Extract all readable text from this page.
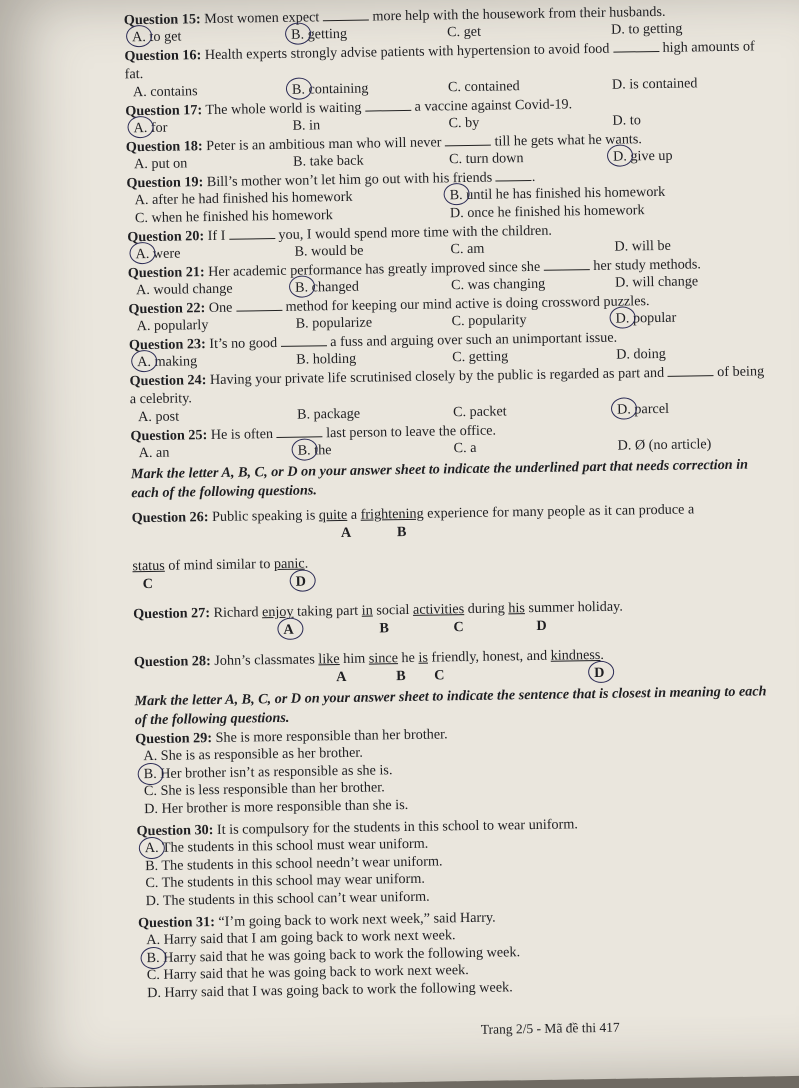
Question 15: Most women expect	more help with the housework from their husbands.
A. to get	B. getting	C. get	D. to getting
Question 16: Health experts strongly advise patients with hypertension to avoid food	high amounts of fat.
A. contains	B. containing	C. contained	D. is contained
Question 17: The whole world is waiting	a vaccine against Covid-19.
A. for	B. in	C. by	D. to
Question 18: Peter is an ambitious man who will never	till he gets what he wants.
A. put on	B. take back	C. turn down	D. give up
Question 19: Bill’s mother won’t let him go out with his friends	.
A. after he had finished his homework	B. until he has finished his homework
C. when he finished his homework	D. once he finished his homework
Question 20: If I	you, I would spend more time with the children.
A. were	B. would be	C. am	D. will be
Question 21: Her academic performance has greatly improved since she	her study methods.
A. would change	B. changed	C. was changing	D. will change
Question 22: One	method for keeping our mind active is doing crossword puzzles.
A. popularly	B. popularize	C. popularity	D. popular
Question 23: It’s no good	a fuss and arguing over such an unimportant issue.
A. making	B. holding	C. getting	D. doing
Question 24: Having your private life scrutinised closely by the public is regarded as part and	of being a celebrity.
A. post	B. package	C. packet	D. parcel
Question 25: He is often	last person to leave the office.
A. an	B. the	C. a	D. Ø (no article)
Mark the letter A, B, C, or D on your answer sheet to indicate the underlined part that needs correction in each of the following questions.
Question 26: Public speaking is quite a frightening experience for many people as it can produce a
A	B
status of mind similar to panic.
C	D
Question 27: Richard enjoy taking part in social activities during his summer holiday.
A	B	C	D
Question 28: John’s classmates like him since he is friendly, honest, and kindness.
A	B C	D
Mark the letter A, B, C, or D on your answer sheet to indicate the sentence that is closest in meaning to each of the following questions.
Question 29: She is more responsible than her brother.
A. She is as responsible as her brother.
B. Her brother isn’t as responsible as she is.
C. She is less responsible than her brother.
D. Her brother is more responsible than she is.
Question 30: It is compulsory for the students in this school to wear uniform.
A. The students in this school must wear uniform.
B. The students in this school needn’t wear uniform.
C. The students in this school may wear uniform.
D. The students in this school can’t wear uniform.
Question 31: “I’m going back to work next week,” said Harry.
A. Harry said that I am going back to work next week.
B. Harry said that he was going back to work the following week.
C. Harry said that he was going back to work next week.
D. Harry said that I was going back to work the following week.
Trang 2/5 - Mã đề thi 417
